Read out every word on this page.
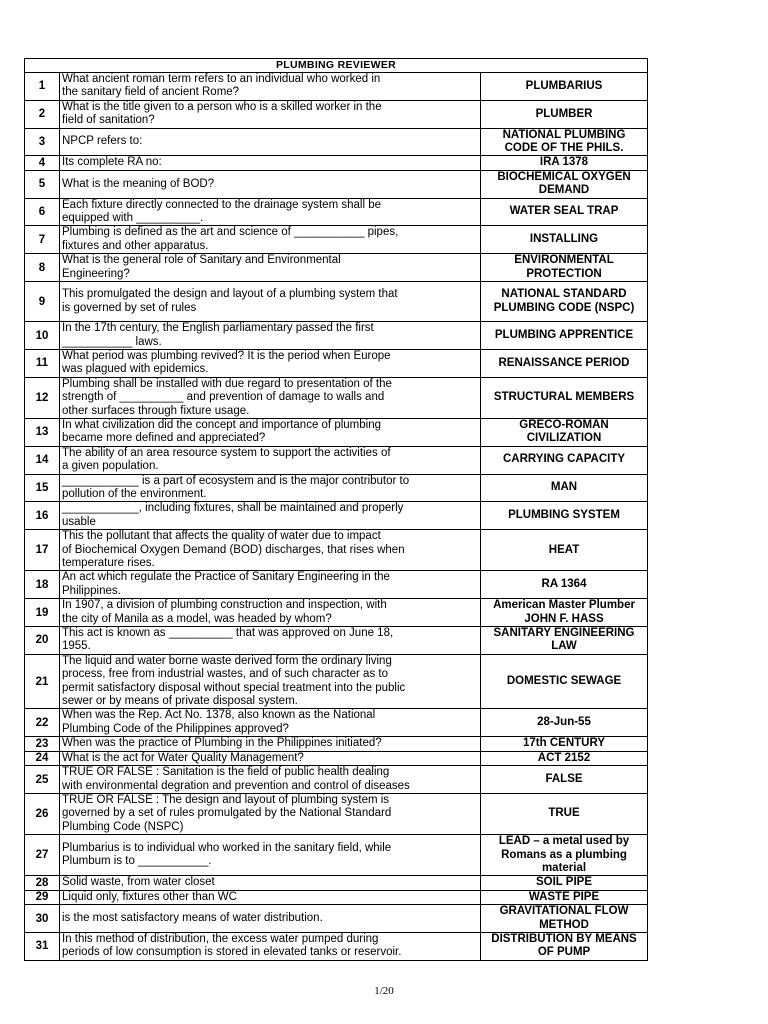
PLUMBING REVIEWER		
1	What ancient roman term refers to an individual who worked in
the sanitary field of ancient Rome?	PLUMBARIUS

2	What is the title given to a person who is a skilled worker in the
field of sanitation?	PLUMBER

3	NPCP refers to:	NATIONAL PLUMBING
CODE OF THE PHILS.

4	Its complete RA no:	IRA 1378

5	What is the meaning of BOD?	BIOCHEMICAL OXYGEN
DEMAND

6	Each fixture directly connected to the drainage system shall be
equipped with __________.	WATER SEAL TRAP

7	Plumbing is defined as the art and science of ___________ pipes,
fixtures and other apparatus.	INSTALLING

8	What is the general role of Sanitary and Environmental
Engineering?	ENVIRONMENTAL
PROTECTION

9	This promulgated the design and layout of a plumbing system that
is governed by set of rules	NATIONAL STANDARD
PLUMBING CODE (NSPC)

10	In the 17th century, the English parliamentary passed the first
___________ laws.	PLUMBING APPRENTICE

11	What period was plumbing revived? It is the period when Europe
was plagued with epidemics.	RENAISSANCE PERIOD

12	Plumbing shall be installed with due regard to presentation of the
strength of __________ and prevention of damage to walls and
other surfaces through fixture usage.	STRUCTURAL MEMBERS

13	In what civilization did the concept and importance of plumbing
became more defined and appreciated?	GRECO-ROMAN
CIVILIZATION

14	The ability of an area resource system to support the activities of
a given population.	CARRYING CAPACITY

15	____________ is a part of ecosystem and is the major contributor to
pollution of the environment.	MAN

16	____________, including fixtures, shall be maintained and properly
usable	PLUMBING SYSTEM

17	This the pollutant that affects the quality of water due to impact
of Biochemical Oxygen Demand (BOD) discharges, that rises when
temperature rises.	HEAT

18	An act which regulate the Practice of Sanitary Engineering in the
Philippines.	RA 1364

19	In 1907, a division of plumbing construction and inspection, with
the city of Manila as a model, was headed by whom?	American Master Plumber
JOHN F. HASS

20	This act is known as __________ that was approved on June 18,
1955.	SANITARY ENGINEERING
LAW

21	The liquid and water borne waste derived form the ordinary living
process, free from industrial wastes, and of such character as to
permit satisfactory disposal without special treatment into the public
sewer or by means of private disposal system.	DOMESTIC SEWAGE

22	When was the Rep. Act No. 1378, also known as the National
Plumbing Code of the Philippines approved?	28-Jun-55

23	When was the practice of Plumbing in the Philippines initiated?	17th CENTURY

24	What is the act for Water Quality Management?	ACT 2152

25	TRUE OR FALSE : Sanitation is the field of public health dealing
with environmental degration and prevention and control of diseases	FALSE

26	TRUE OR FALSE : The design and layout of plumbing system is
governed by a set of rules promulgated by the National Standard
Plumbing Code (NSPC)	TRUE

27	Plumbarius is to individual who worked in the sanitary field, while
Plumbum is to ___________.	LEAD – a metal used by
Romans as a plumbing
material

28	Solid waste, from water closet	SOIL PIPE

29	Liquid only, fixtures other than WC	WASTE PIPE

30	is the most satisfactory means of water distribution.	GRAVITATIONAL FLOW
METHOD

31	In this method of distribution, the excess water pumped during
periods of low consumption is stored in elevated tanks or reservoir.	DISTRIBUTION BY MEANS
OF PUMP
1/20
